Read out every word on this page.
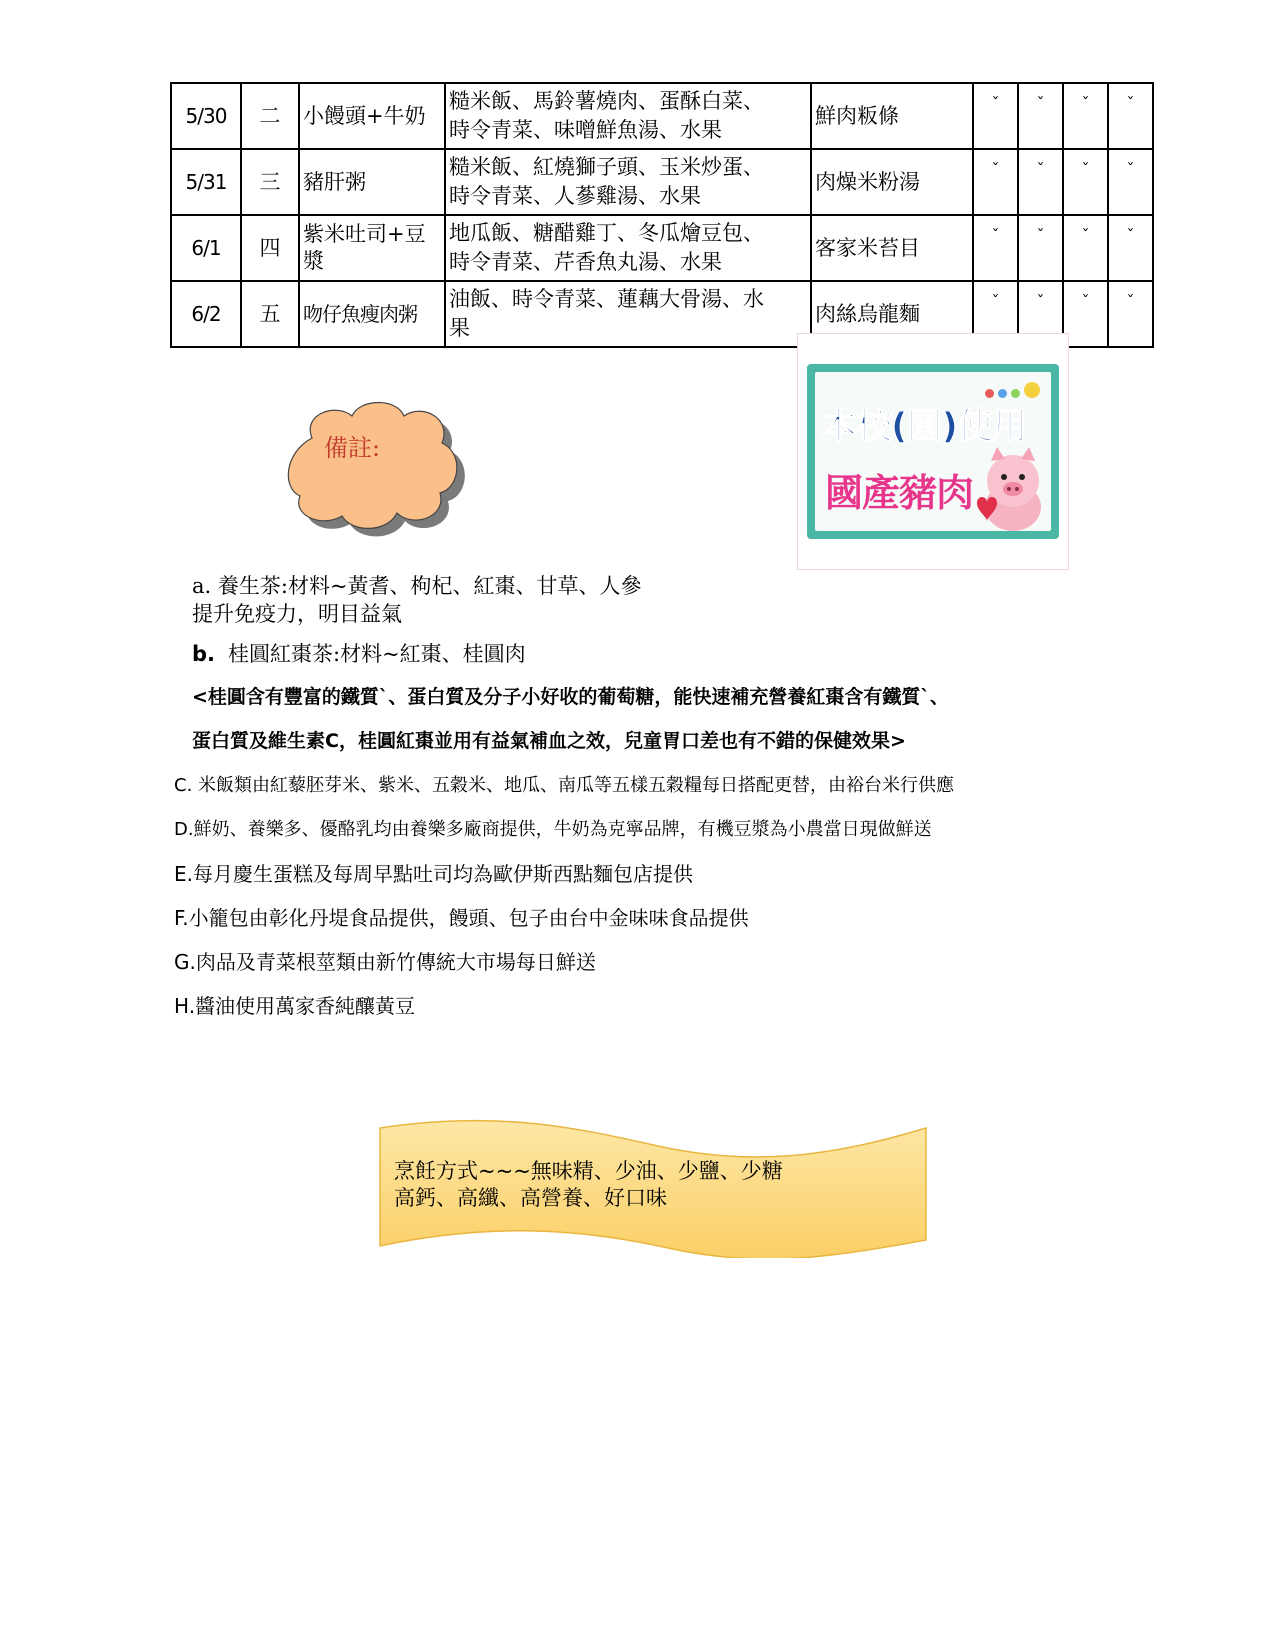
5/30	二	小饅頭+牛奶	糙米飯、馬鈴薯燒肉、蛋酥白菜、
時令青菜、味噌鮮魚湯、水果	鮮肉粄條	ˇ	ˇ	ˇ	ˇ
5/31	三	豬肝粥	糙米飯、紅燒獅子頭、玉米炒蛋、
時令青菜、人蔘雞湯、水果	肉燥米粉湯	ˇ	ˇ	ˇ	ˇ
6/1	四	紫米吐司+豆漿	地瓜飯、糖醋雞丁、冬瓜燴豆包、
時令青菜、芹香魚丸湯、水果	客家米苔目	ˇ	ˇ	ˇ	ˇ
6/2	五	吻仔魚瘦肉粥	油飯、時令青菜、蓮藕大骨湯、水
果	肉絲烏龍麵	ˇ	ˇ	ˇ	ˇ
備註:
本校(園)使用
國產豬肉
a. 養生茶:材料~黃耆、枸杞、紅棗、甘草、人參
提升免疫力，明目益氣
b. 桂圓紅棗茶:材料~紅棗、桂圓肉
<桂圓含有豐富的鐵質`、蛋白質及分子小好收的葡萄糖，能快速補充營養紅棗含有鐵質`、
蛋白質及維生素C，桂圓紅棗並用有益氣補血之效，兒童胃口差也有不錯的保健效果>
C. 米飯類由紅藜胚芽米、紫米、五穀米、地瓜、南瓜等五樣五穀糧每日搭配更替，由裕台米行供應
D.鮮奶、養樂多、優酪乳均由養樂多廠商提供，牛奶為克寧品牌，有機豆漿為小農當日現做鮮送
E.每月慶生蛋糕及每周早點吐司均為歐伊斯西點麵包店提供
F.小籠包由彰化丹堤食品提供，饅頭、包子由台中金味味食品提供
G.肉品及青菜根莖類由新竹傳統大市場每日鮮送
H.醬油使用萬家香純釀黃豆
烹飪方式~~~無味精、少油、少鹽、少糖
高鈣、高纖、高營養、好口味
